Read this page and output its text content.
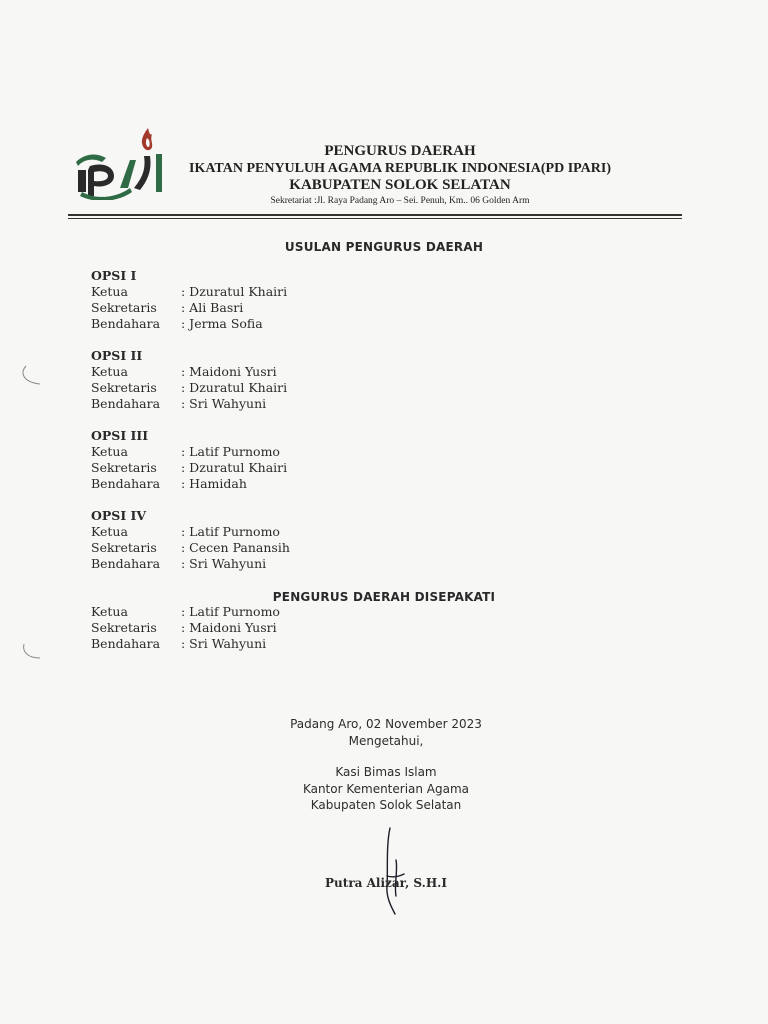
PENGURUS DAERAH
IKATAN PENYULUH AGAMA REPUBLIK INDONESIA(PD IPARI)
KABUPATEN SOLOK SELATAN
Sekretariat :Jl. Raya Padang Aro – Sei. Penuh, Km.. 06 Golden Arm
USULAN PENGURUS DAERAH
OPSI I
Ketua	: Dzuratul Khairi
Sekretaris	: Ali Basri
Bendahara	: Jerma Sofia
OPSI II
Ketua	: Maidoni Yusri
Sekretaris	: Dzuratul Khairi
Bendahara	: Sri Wahyuni
OPSI III
Ketua	: Latif Purnomo
Sekretaris	: Dzuratul Khairi
Bendahara	: Hamidah
OPSI IV
Ketua	: Latif Purnomo
Sekretaris	: Cecen Panansih
Bendahara	: Sri Wahyuni
PENGURUS DAERAH DISEPAKATI
Ketua	: Latif Purnomo
Sekretaris	: Maidoni Yusri
Bendahara	: Sri Wahyuni
Padang Aro, 02 November 2023
Mengetahui,
Kasi Bimas Islam
Kantor Kementerian Agama
Kabupaten Solok Selatan
Putra Alizar, S.H.I
